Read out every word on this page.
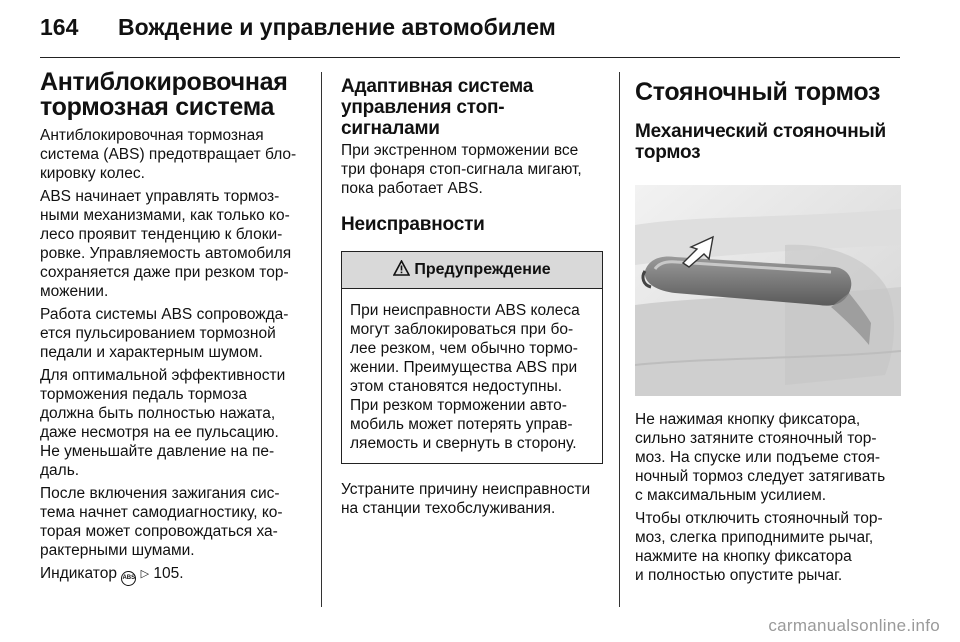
164 Вождение и управление автомобилем
Антиблокировочная
тормозная система

Антиблокировочная тормозная
система (ABS) предотвращает бло-
кировку колес.

ABS начинает управлять тормоз-
ными механизмами, как только ко-
лесо проявит тенденцию к блоки-
ровке. Управляемость автомобиля
сохраняется даже при резком тор-
можении.

Работа системы ABS сопровожда-
ется пульсированием тормозной
педали и характерным шумом.

Для оптимальной эффективности
торможения педаль тормоза
должна быть полностью нажата,
даже несмотря на ее пульсацию.
Не уменьшайте давление на пе-
даль.

После включения зажигания сис-
тема начнет самодиагностику, ко-
торая может сопровождаться ха-
рактерными шумами.

Индикатор ABS ▷ 105.

Адаптивная система
управления стоп-сигналами

При экстренном торможении все
три фонаря стоп-сигнала мигают,
пока работает ABS.

Неисправности
Предупреждение

При неисправности ABS колеса
могут заблокироваться при бо-
лее резком, чем обычно тормо-
жении. Преимущества ABS при
этом становятся недоступны.
При резком торможении авто-
мобиль может потерять управ-
ляемость и свернуть в сторону.

Устраните причину неисправности
на станции техобслуживания.

Стояночный тормоз
Механический стояночный
тормоз

Не нажимая кнопку фиксатора,
сильно затяните стояночный тор-
моз. На спуске или подъеме стоя-
ночный тормоз следует затягивать
с максимальным усилием.

Чтобы отключить стояночный тор-
моз, слегка приподнимите рычаг,
нажмите на кнопку фиксатора
и полностью опустите рычаг.

carmanualsonline.info
